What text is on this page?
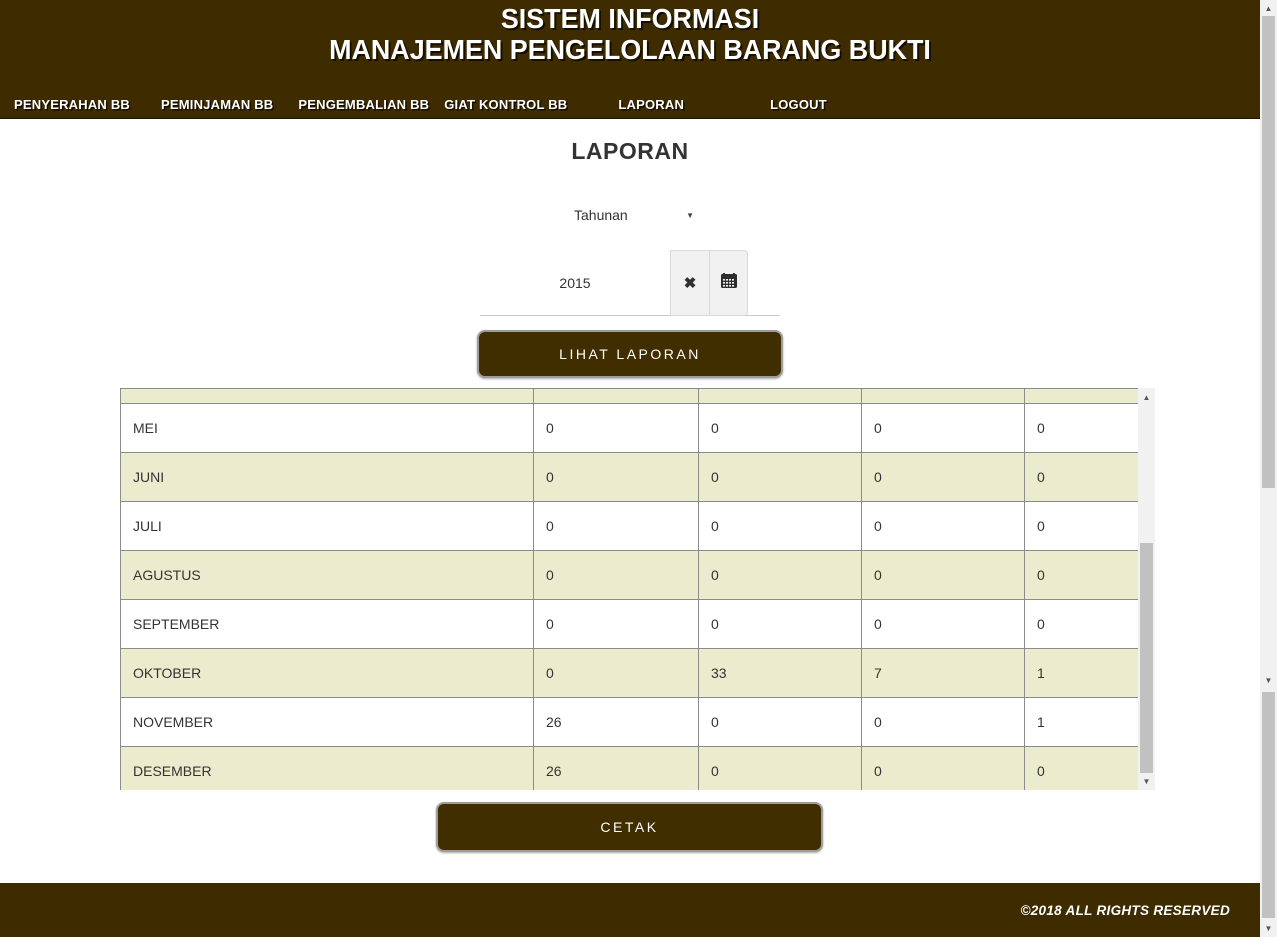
SISTEM INFORMASI
MANAJEMEN PENGELOLAAN BARANG BUKTI
PENYERAHAN BB PEMINJAMAN BB PENGEMBALIAN BB GIAT KONTROL BB	LAPORAN	LOGOUT
LAPORAN
Tahunan	▼
2015
✖
LIHAT LAPORAN

MEI	0	0	0	0
JUNI	0	0	0	0
JULI	0	0	0	0
AGUSTUS	0	0	0	0
SEPTEMBER	0	0	0	0
OKTOBER	0	33	7	1
NOVEMBER	26	0	0	1
DESEMBER	26	0	0	0
▲
▼
CETAK
©2018 ALL RIGHTS RESERVED
▲
▼
▼
